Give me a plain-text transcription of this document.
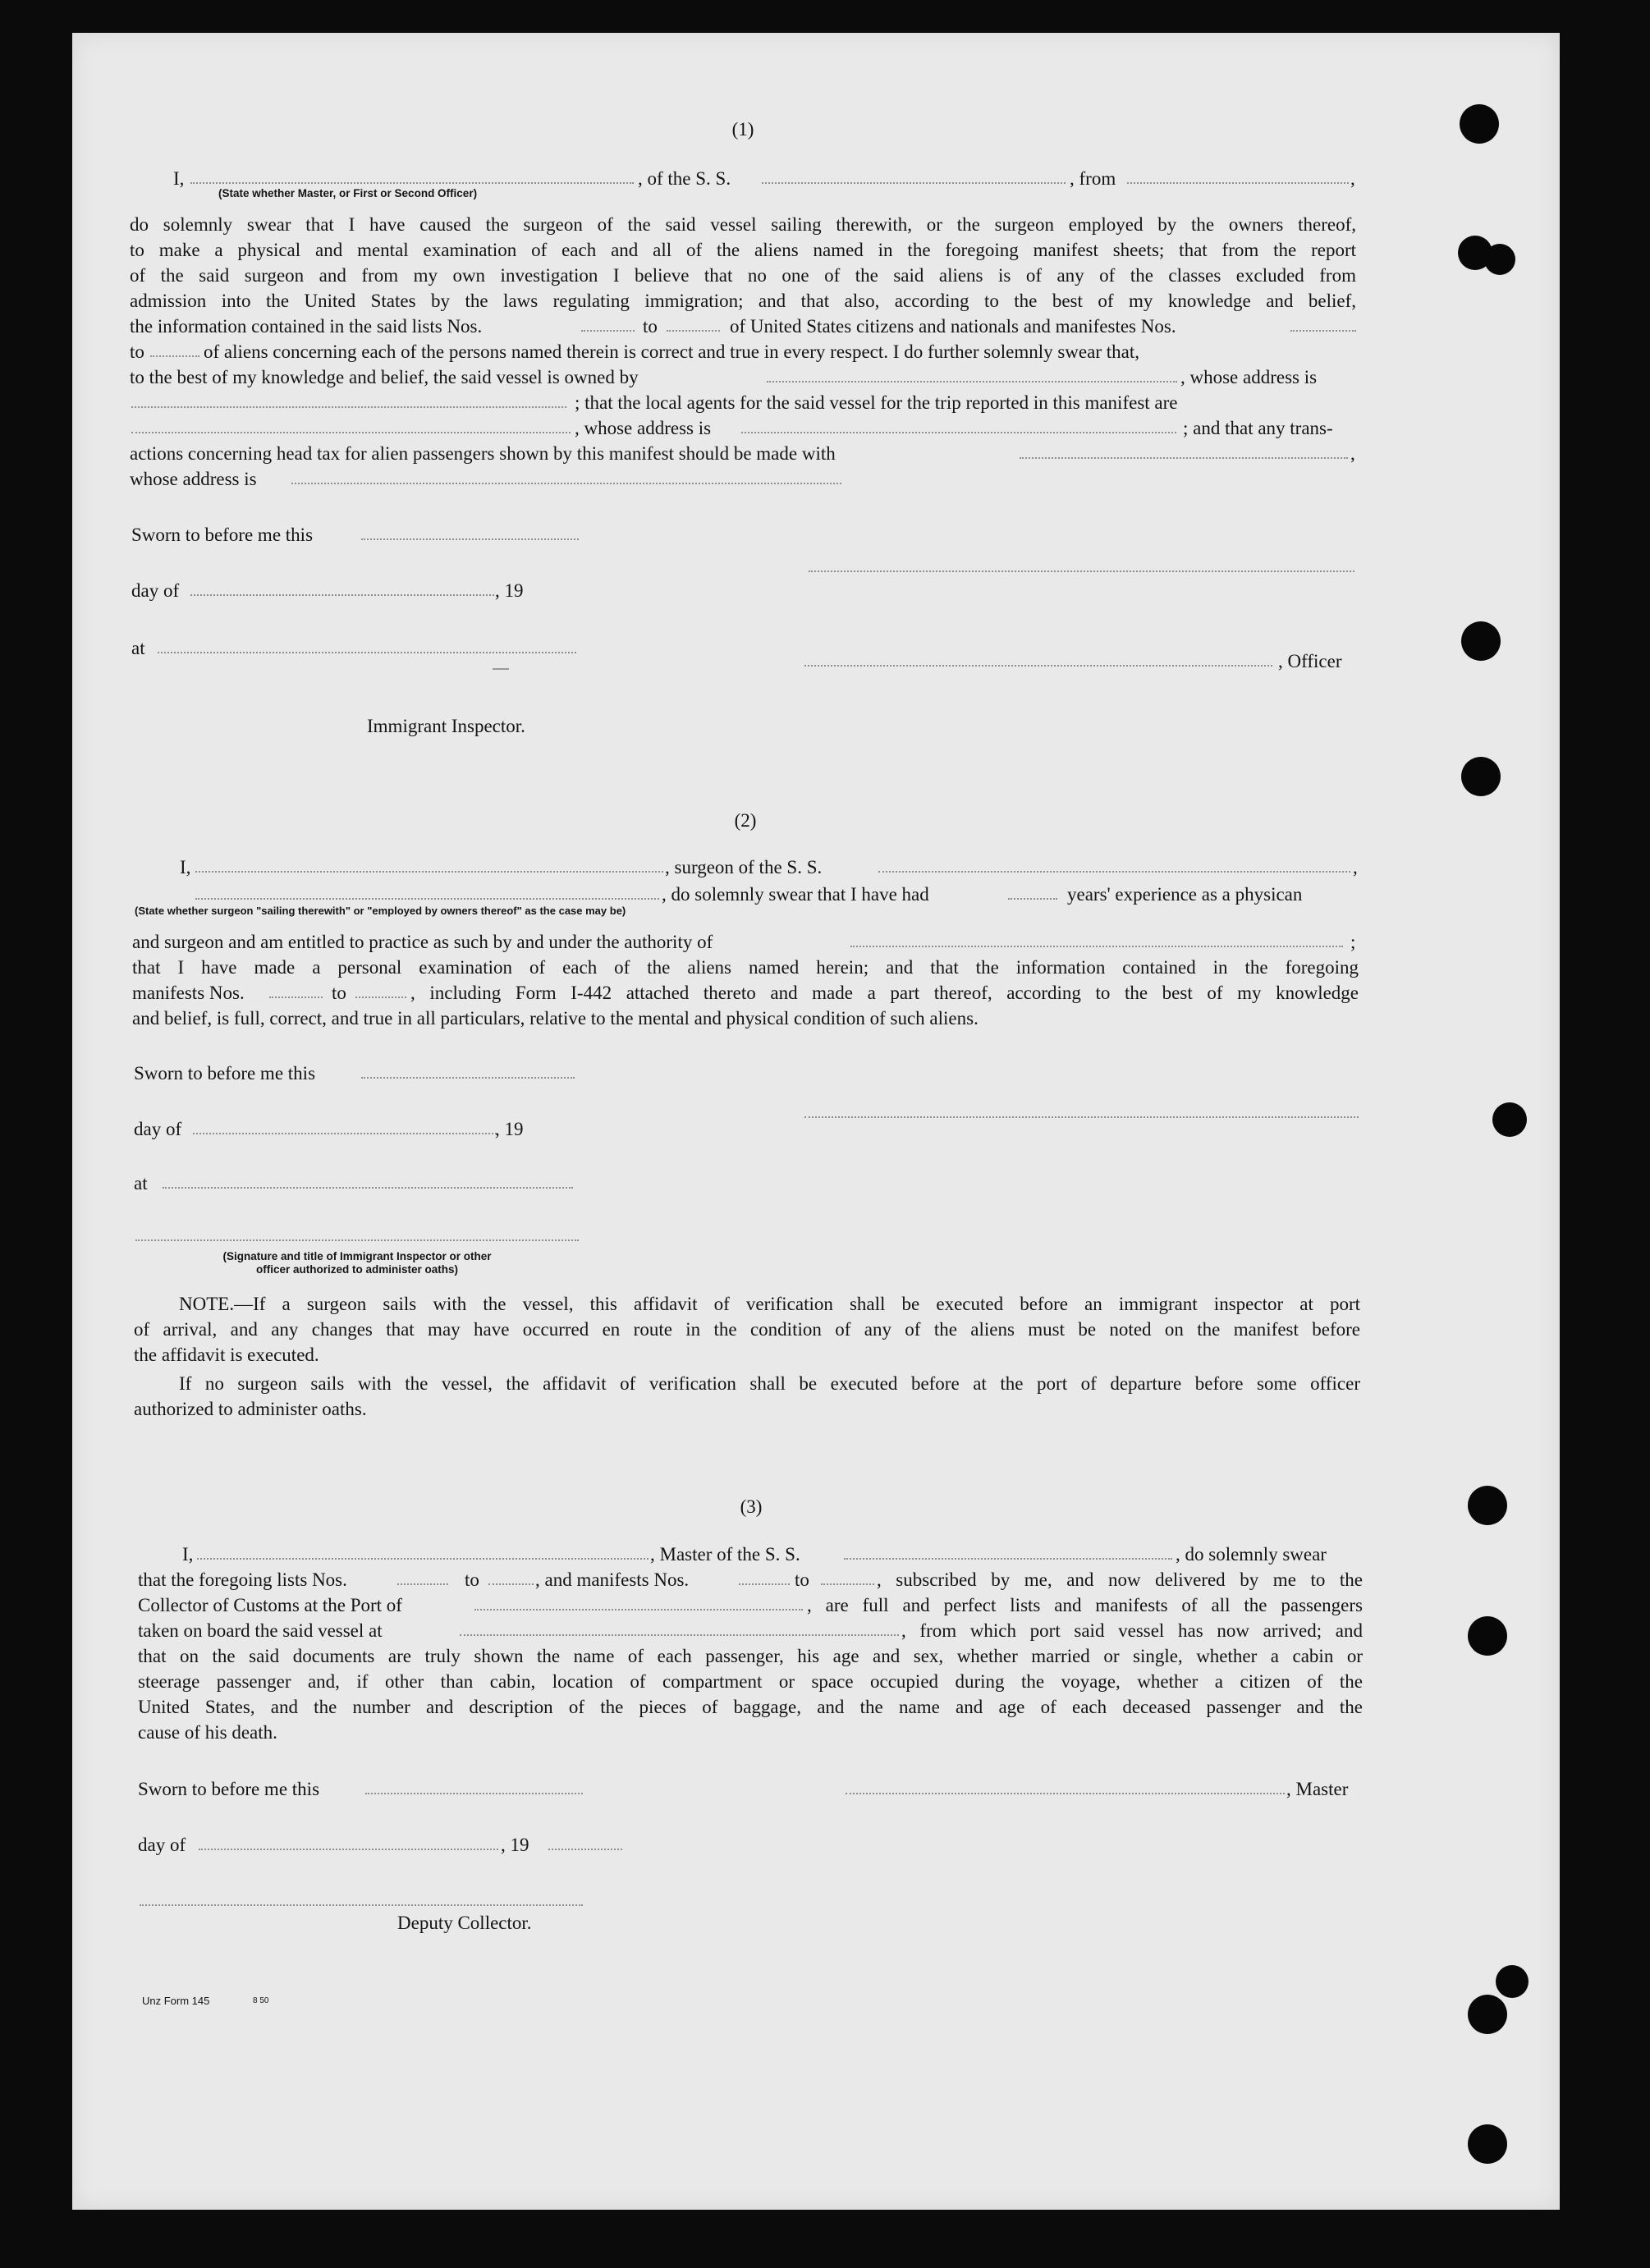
(1)
I,
(State whether Master, or First or Second Officer)
, of the S. S.	, from	,
do solemnly swear that I have caused the surgeon of the said vessel sailing therewith, or the surgeon employed by the owners thereof,
to make a physical and mental examination of each and all of the aliens named in the foregoing manifest sheets; that from the report
of the said surgeon and from my own investigation I believe that no one of the said aliens is of any of the classes excluded from
admission into the United States by the laws regulating immigration; and that also, according to the best of my knowledge and belief,
the information contained in the said lists Nos.	to	of United States citizens and nationals and manifestes Nos.
to	of aliens concerning each of the persons named therein is correct and true in every respect. I do further solemnly swear that,
to the best of my knowledge and belief, the said vessel is owned by	, whose address is
; that the local agents for the said vessel for the trip reported in this manifest are
, whose address is	; and that any trans-
actions concerning head tax for alien passengers shown by this manifest should be made with	,
whose address is
Sworn to before me this
day of	, 19
at
, Officer
Immigrant Inspector.
(2)
I,	, surgeon of the S. S.	,
, do solemnly swear that I have had	years' experience as a physican
(State whether surgeon "sailing therewith" or "employed by owners thereof" as the case may be)
and surgeon and am entitled to practice as such by and under the authority of	;
that I have made a personal examination of each of the aliens named herein; and that the information contained in the foregoing
manifests Nos.	to	, including Form I-442 attached thereto and made a part thereof, according to the best of my knowledge
and belief, is full, correct, and true in all particulars, relative to the mental and physical condition of such aliens.
Sworn to before me this
day of	, 19
at
(Signature and title of Immigrant Inspector or other
officer authorized to administer oaths)
NOTE.—If a surgeon sails with the vessel, this affidavit of verification shall be executed before an immigrant inspector at port
of arrival, and any changes that may have occurred en route in the condition of any of the aliens must be noted on the manifest before
the affidavit is executed.
If no surgeon sails with the vessel, the affidavit of verification shall be executed before at the port of departure before some officer
authorized to administer oaths.
(3)
I,	, Master of the S. S.	, do solemnly swear
that the foregoing lists Nos.	to	, and manifests Nos.	to	, subscribed by me, and now delivered by me to the
Collector of Customs at the Port of	, are full and perfect lists and manifests of all the passengers
taken on board the said vessel at	, from which port said vessel has now arrived; and
that on the said documents are truly shown the name of each passenger, his age and sex, whether married or single, whether a cabin or
steerage passenger and, if other than cabin, location of compartment or space occupied during the voyage, whether a citizen of the
United States, and the number and description of the pieces of baggage, and the name and age of each deceased passenger and the
cause of his death.
Sworn to before me this	, Master
day of	, 19
Deputy Collector.
Unz Form 145	8 50
